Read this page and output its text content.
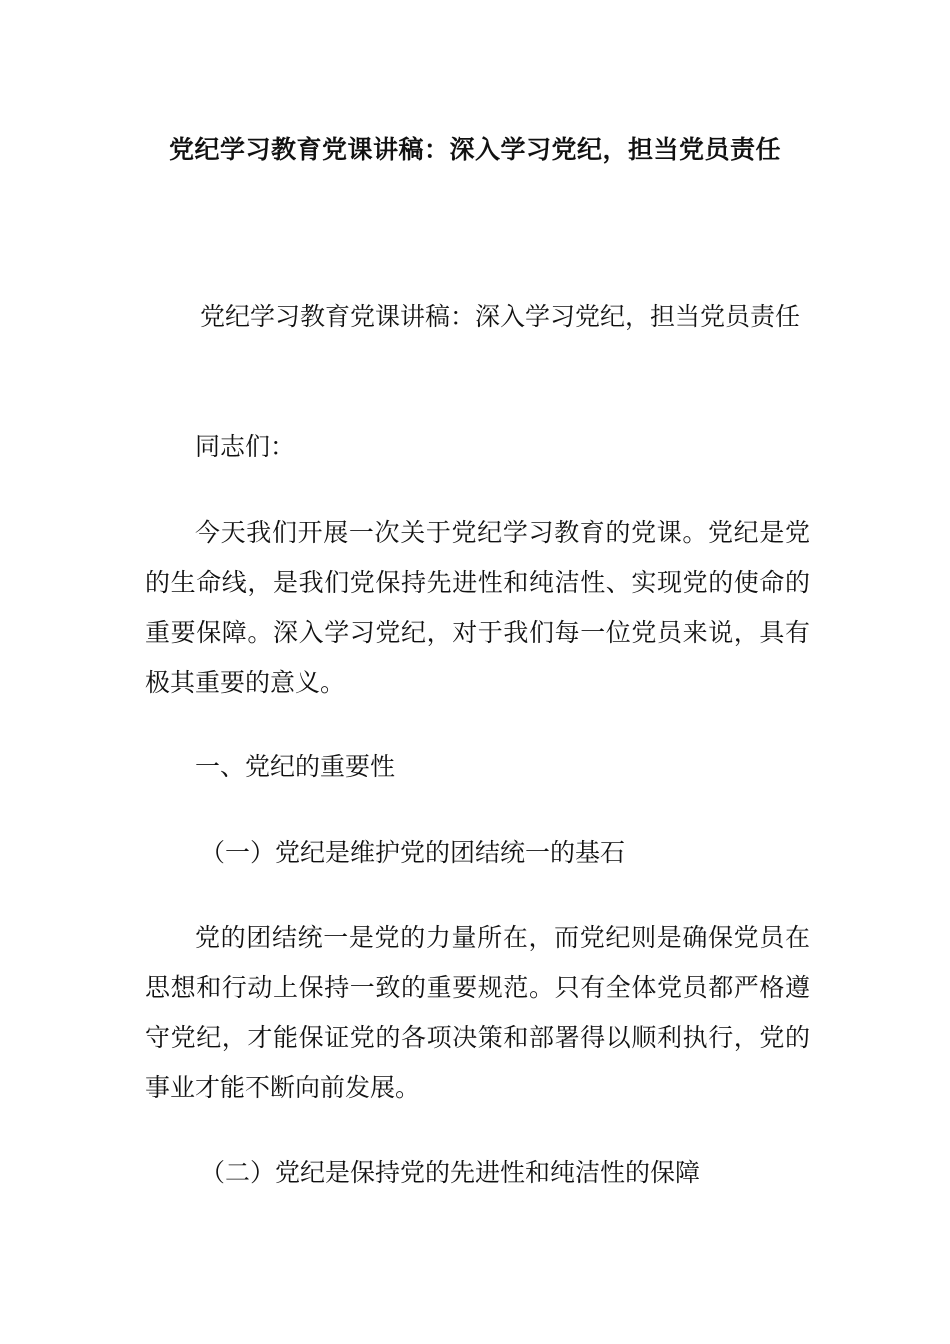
党纪学习教育党课讲稿：深入学习党纪，担当党员责任
党纪学习教育党课讲稿：深入学习党纪，担当党员责任
同志们：

今天我们开展一次关于党纪学习教育的党课。党纪是党的生命线，是我们党保持先进性和纯洁性、实现党的使命的重要保障。深入学习党纪，对于我们每一位党员来说，具有极其重要的意义。

一、党纪的重要性
（一）党纪是维护党的团结统一的基石

党的团结统一是党的力量所在，而党纪则是确保党员在思想和行动上保持一致的重要规范。只有全体党员都严格遵守党纪，才能保证党的各项决策和部署得以顺利执行，党的事业才能不断向前发展。

（二）党纪是保持党的先进性和纯洁性的保障
